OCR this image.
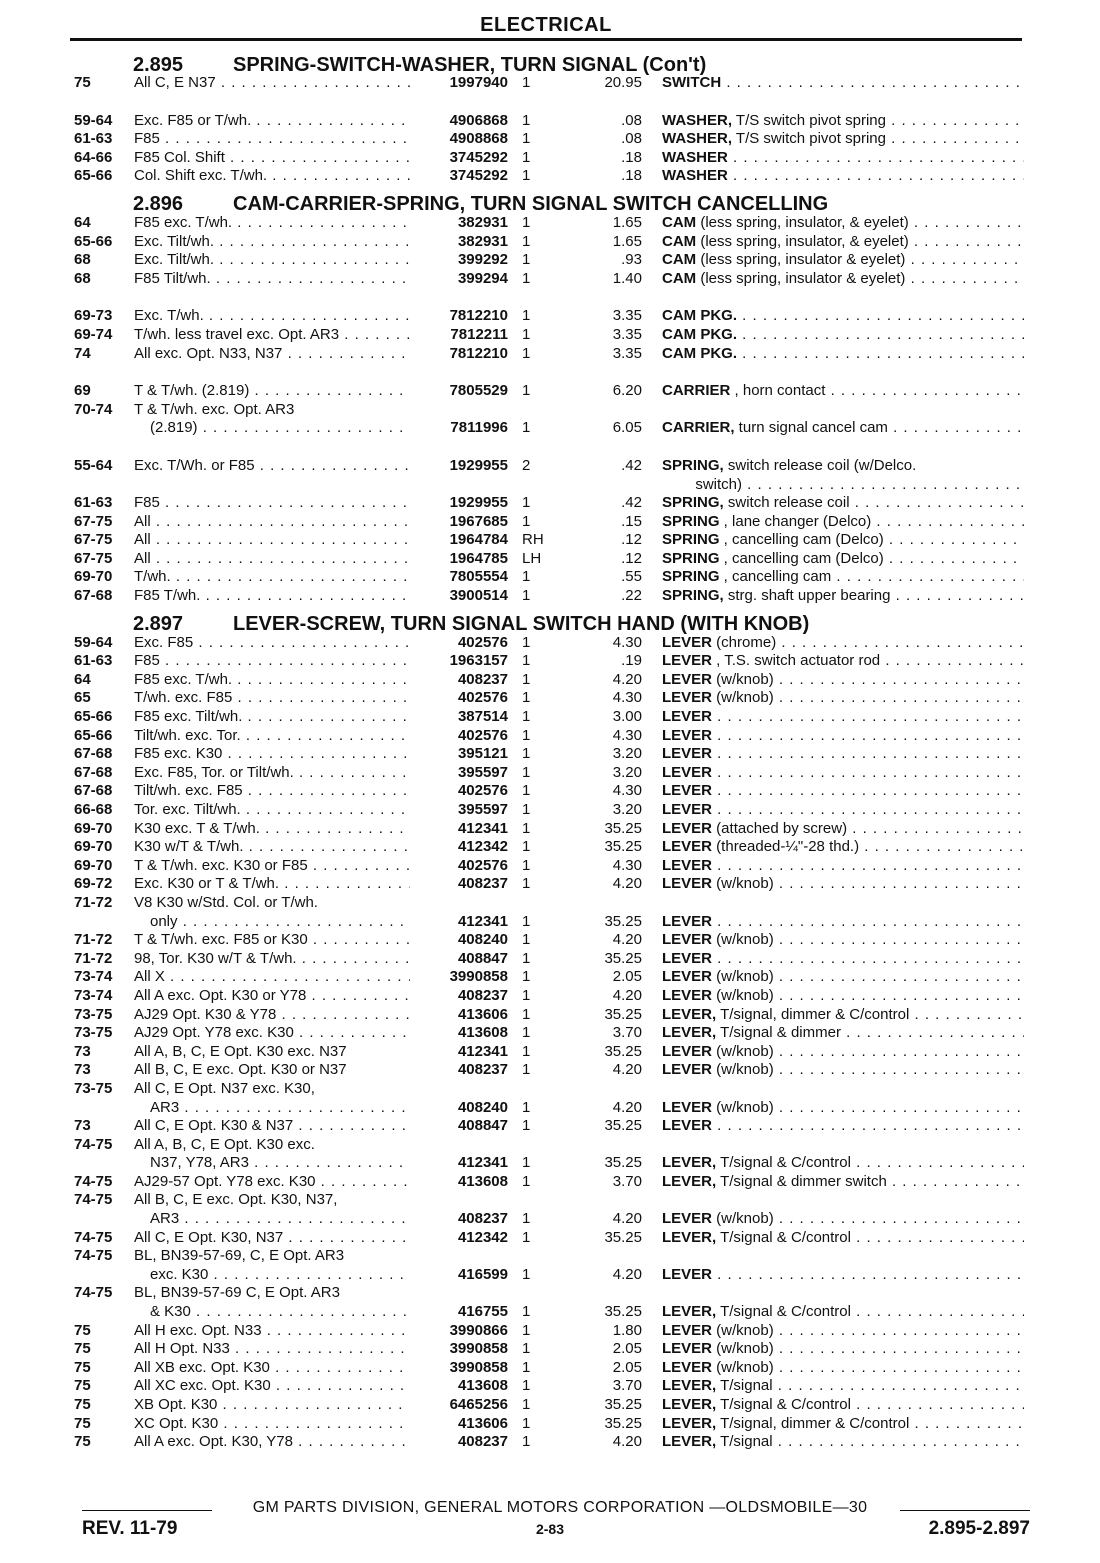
ELECTRICAL
2.895 SPRING-SWITCH-WASHER, TURN SIGNAL (Con't)
75	All C, E N37 . . .	1997940 1	20.95 SWITCH . . .
59-64 Exc. F85 or T/wh. . . .	4906868 1	.08 WASHER, T/S switch pivot spring . . .
61-63 F85 . . .	4908868 1	.08 WASHER, T/S switch pivot spring . . .
64-66 F85 Col. Shift . . .	3745292 1	.18 WASHER . . .
65-66 Col. Shift exc. T/wh. . . .	3745292 1	.18 WASHER . . .
2.896 CAM-CARRIER-SPRING, TURN SIGNAL SWITCH CANCELLING
64	F85 exc. T/wh. . . .	382931 1	1.65 CAM (less spring, insulator, & eyelet) . . .
65-66 Exc. Tilt/wh. . . .	382931 1	1.65 CAM (less spring, insulator, & eyelet) . . .
68	Exc. Tilt/wh. . . .	399292 1	.93 CAM (less spring, insulator & eyelet) . . .
68	F85 Tilt/wh. . . .	399294 1	1.40 CAM (less spring, insulator & eyelet) . . .
69-73 Exc. T/wh. . . .	7812210 1	3.35 CAM PKG. . . .
69-74 T/wh. less travel exc. Opt. AR3 . . .	7812211 1	3.35 CAM PKG. . . .
74	All exc. Opt. N33, N37 . . .	7812210 1	3.35 CAM PKG. . . .
69	T & T/wh. (2.819) . . .	7805529 1	6.20 CARRIER , horn contact . . .
70-74 T & T/wh. exc. Opt. AR3
(2.819) . . .	7811996 1	6.05 CARRIER, turn signal cancel cam . . .
55-64 Exc. T/Wh. or F85 . . .	1929955 2	.42 SPRING, switch release coil (w/Delco.
switch) . . .
61-63 F85 . . .	1929955 1	.42 SPRING, switch release coil . . .
67-75 All . . .	1967685 1	.15 SPRING , lane changer (Delco) . . .
67-75 All . . .	1964784 RH	.12 SPRING , cancelling cam (Delco) . . .
67-75 All . . .	1964785 LH	.12 SPRING , cancelling cam (Delco) . . .
69-70 T/wh. . . .	7805554 1	.55 SPRING , cancelling cam . . .
67-68 F85 T/wh. . . .	3900514 1	.22 SPRING, strg. shaft upper bearing . . .
2.897 LEVER-SCREW, TURN SIGNAL SWITCH HAND (WITH KNOB)
59-64 Exc. F85 . . .	402576 1	4.30 LEVER (chrome) . . .
61-63 F85 . . .	1963157 1	.19 LEVER , T.S. switch actuator rod . . .
64	F85 exc. T/wh. . . .	408237 1	4.20 LEVER (w/knob) . . .
65	T/wh. exc. F85 . . .	402576 1	4.30 LEVER (w/knob) . . .
65-66 F85 exc. Tilt/wh. . . .	387514 1	3.00 LEVER . . .
65-66 Tilt/wh. exc. Tor. . . .	402576 1	4.30 LEVER . . .
67-68 F85 exc. K30 . . .	395121 1	3.20 LEVER . . .
67-68 Exc. F85, Tor. or Tilt/wh. . . .	395597 1	3.20 LEVER . . .
67-68 Tilt/wh. exc. F85 . . .	402576 1	4.30 LEVER . . .
66-68 Tor. exc. Tilt/wh. . . .	395597 1	3.20 LEVER . . .
69-70 K30 exc. T & T/wh. . . .	412341 1	35.25 LEVER (attached by screw) . . .
69-70 K30 w/T & T/wh. . . .	412342 1	35.25 LEVER (threaded-¼"-28 thd.) . . .
69-70 T & T/wh. exc. K30 or F85 . . .	402576 1	4.30 LEVER . . .
69-72 Exc. K30 or T & T/wh. . . .	408237 1	4.20 LEVER (w/knob) . . .
71-72 V8 K30 w/Std. Col. or T/wh.
only . . .	412341 1	35.25 LEVER . . .
71-72 T & T/wh. exc. F85 or K30 . . .	408240 1	4.20 LEVER (w/knob) . . .
71-72 98, Tor. K30 w/T & T/wh. . . .	408847 1	35.25 LEVER . . .
73-74 All X . . .	3990858 1	2.05 LEVER (w/knob) . . .
73-74 All A exc. Opt. K30 or Y78 . . .	408237 1	4.20 LEVER (w/knob) . . .
73-75 AJ29 Opt. K30 & Y78 . . .	413606 1	35.25 LEVER, T/signal, dimmer & C/control . . .
73-75 AJ29 Opt. Y78 exc. K30 . . .	413608 1	3.70 LEVER, T/signal & dimmer . . .
73	All A, B, C, E Opt. K30 exc. N37	412341 1	35.25 LEVER (w/knob) . . .
73	All B, C, E exc. Opt. K30 or N37	408237 1	4.20 LEVER (w/knob) . . .
73-75 All C, E Opt. N37 exc. K30,
AR3 . . .	408240 1	4.20 LEVER (w/knob) . . .
73	All C, E Opt. K30 & N37 . . .	408847 1	35.25 LEVER . . .
74-75 All A, B, C, E Opt. K30 exc.
N37, Y78, AR3 . . .	412341 1	35.25 LEVER, T/signal & C/control . . .
74-75 AJ29-57 Opt. Y78 exc. K30 . . .	413608 1	3.70 LEVER, T/signal & dimmer switch . . .
74-75 All B, C, E exc. Opt. K30, N37,
AR3 . . .	408237 1	4.20 LEVER (w/knob) . . .
74-75 All C, E Opt. K30, N37 . . .	412342 1	35.25 LEVER, T/signal & C/control . . .
74-75 BL, BN39-57-69, C, E Opt. AR3
exc. K30 . . .	416599 1	4.20 LEVER . . .
74-75 BL, BN39-57-69 C, E Opt. AR3
& K30 . . .	416755 1	35.25 LEVER, T/signal & C/control . . .
75	All H exc. Opt. N33 . . .	3990866 1	1.80 LEVER (w/knob) . . .
75	All H Opt. N33 . . .	3990858 1	2.05 LEVER (w/knob) . . .
75	All XB exc. Opt. K30 . . .	3990858 1	2.05 LEVER (w/knob) . . .
75	All XC exc. Opt. K30 . . .	413608 1	3.70 LEVER, T/signal . . .
75	XB Opt. K30 . . .	6465256 1	35.25 LEVER, T/signal & C/control . . .
75	XC Opt. K30 . . .	413606 1	35.25 LEVER, T/signal, dimmer & C/control . . .
75	All A exc. Opt. K30, Y78 . . .	408237 1	4.20 LEVER, T/signal . . .
GM PARTS DIVISION, GENERAL MOTORS CORPORATION —OLDSMOBILE—30
REV. 11-79	2-83	2.895-2.897
